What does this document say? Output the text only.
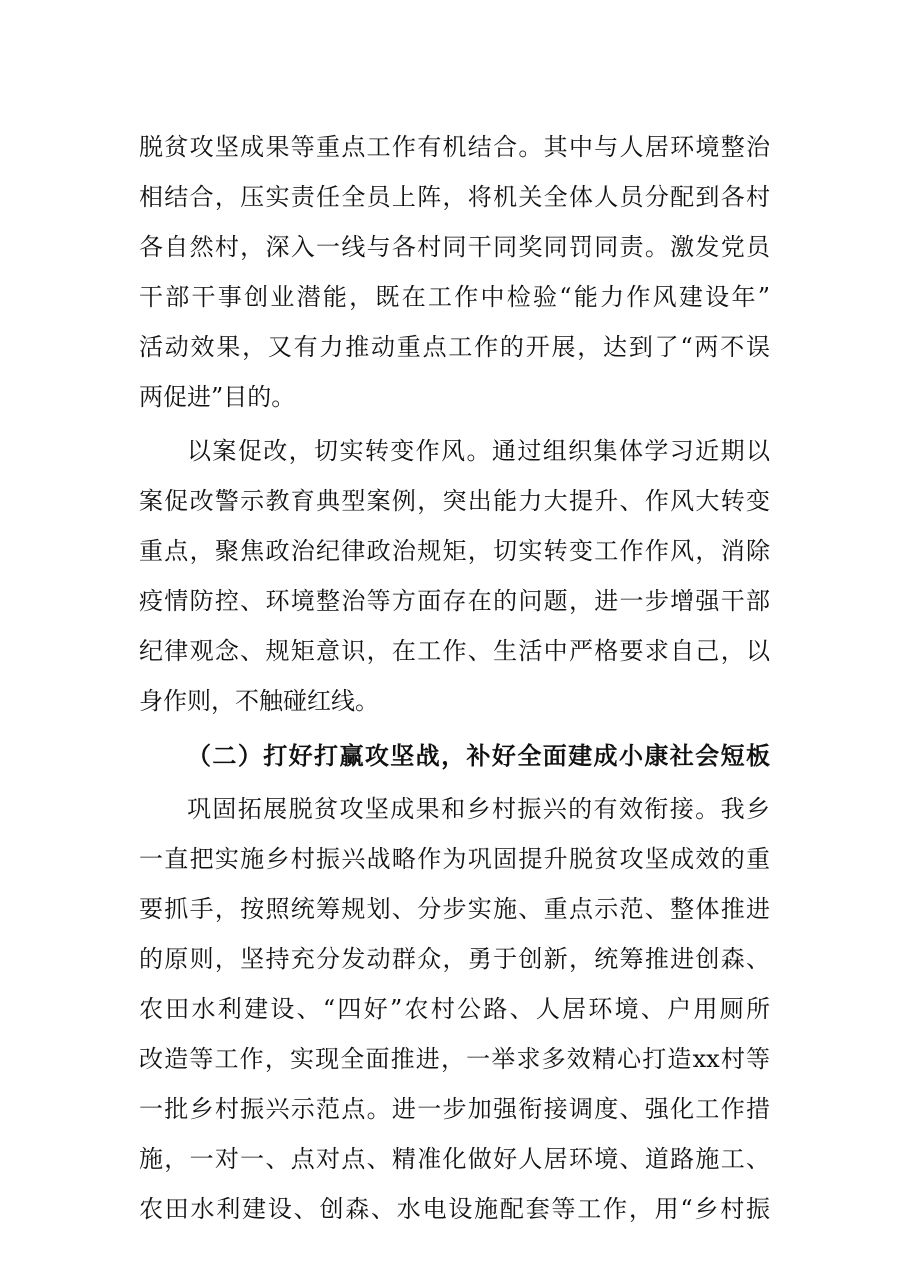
脱贫攻坚成果等重点工作有机结合。其中与人居环境整治
相结合，压实责任全员上阵，将机关全体人员分配到各村
各自然村，深入一线与各村同干同奖同罚同责。激发党员
干部干事创业潜能，既在工作中检验“能力作风建设年”
活动效果，又有力推动重点工作的开展，达到了“两不误
两促进”目的。
以案促改，切实转变作风。通过组织集体学习近期以
案促改警示教育典型案例，突出能力大提升、作风大转变
重点，聚焦政治纪律政治规矩，切实转变工作作风，消除
疫情防控、环境整治等方面存在的问题，进一步增强干部
纪律观念、规矩意识，在工作、生活中严格要求自己，以
身作则，不触碰红线。
（二）打好打赢攻坚战，补好全面建成小康社会短板
巩固拓展脱贫攻坚成果和乡村振兴的有效衔接。我乡
一直把实施乡村振兴战略作为巩固提升脱贫攻坚成效的重
要抓手，按照统筹规划、分步实施、重点示范、整体推进
的原则，坚持充分发动群众，勇于创新，统筹推进创森、
农田水利建设、“四好”农村公路、人居环境、户用厕所
改造等工作，实现全面推进，一举求多效精心打造xx村等
一批乡村振兴示范点。进一步加强衔接调度、强化工作措
施，一对一、点对点、精准化做好人居环境、道路施工、
农田水利建设、创森、水电设施配套等工作，用“乡村振
